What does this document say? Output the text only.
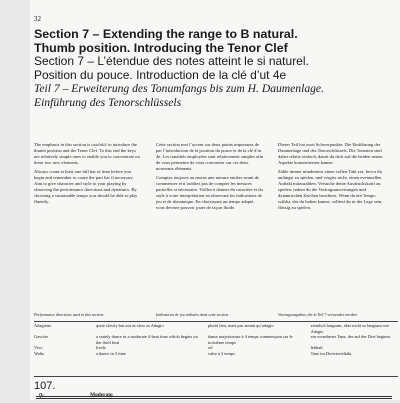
32
Section 7 – Extending the range to B natural.
Thumb position. Introducing the Tenor Clef
Section 7 – L’étendue des notes atteint le si naturel.
Position du pouce. Introduction de la clé d’ut 4e
Teil 7 – Erweiterung des Tonumfangs bis zum H. Daumenlage.
Einführung des Tenorschlüssels

The emphasis in this section is twofold: to introduce the thumb position and the Tenor Clef. To this end the keys are relatively simple ones to enable you to concentrate on these two new elements.

Always count at least one full bar of time before you begin and remember to count the part bar if necessary. Aim to give character and style to your playing by observing the performance directions and dynamics. By choosing a sustainable tempo you should be able to play fluently.

Cette section met l’accent sur deux points importants de par l’introduction de la position du pouce et de la clé d’ut 4e. Les tonalités employées sont relativement simples afin de vous permettre de vous concentrer sur ces deux nouveaux éléments.

Comptez toujours au moins une mesure entière avant de commencer et n’oubliez pas de compter les mesures partielles si nécessaire. Veillez à donner du caractère et du style à votre interprétation en observant les indications de jeu et de dynamique. En choisissant un tempo adapté, vous devriez pouvoir jouer de façon fluide.

Dieser Teil hat zwei Schwerpunkte: Die Einführung der Daumenlage und des Tenorschlüssels. Die Tonarten sind daher relativ einfach, damit du dich auf die beiden neuen Aspekte konzentrieren kannst.

Zähle immer mindestens einen vollen Takt vor, bevor du anfängst zu spielen, und vergiss nicht, einen eventuellen Auftakt mitzuzählen. Versuche deine Ausdruckskraft zu spielen, indem du die Vortragsanweisungen und dynamischen Zeichen beachtest. Wenn du ein Tempo wählst, das du halten kannst, solltest du in der Lage sein, flüssig zu spielen.

Performance directions used in this section:	Indications de jeu utilisées dans cette section :	Vortragsangaben, die in Teil 7 verwendet werden:
Adagietto	quite slowly but not as slow as Adagio	plutôt lent, mais pas autant qu’adagio	ziemlich langsam, aber nicht so langsam wie Adagio
Gavotte	a stately dance in a moderate 4-beat time which begins on the third beat	danse majestueuse à 4 temps commençant sur le troisième temps	ein vornehmer Tanz, der auf der Drei beginnt
Vivo	lively	vif	lebhaft
Waltz	a dance in 3 time	valse à 3 temps	Tanz im Dreivierteltakt
107.
Moderato
𝄢
